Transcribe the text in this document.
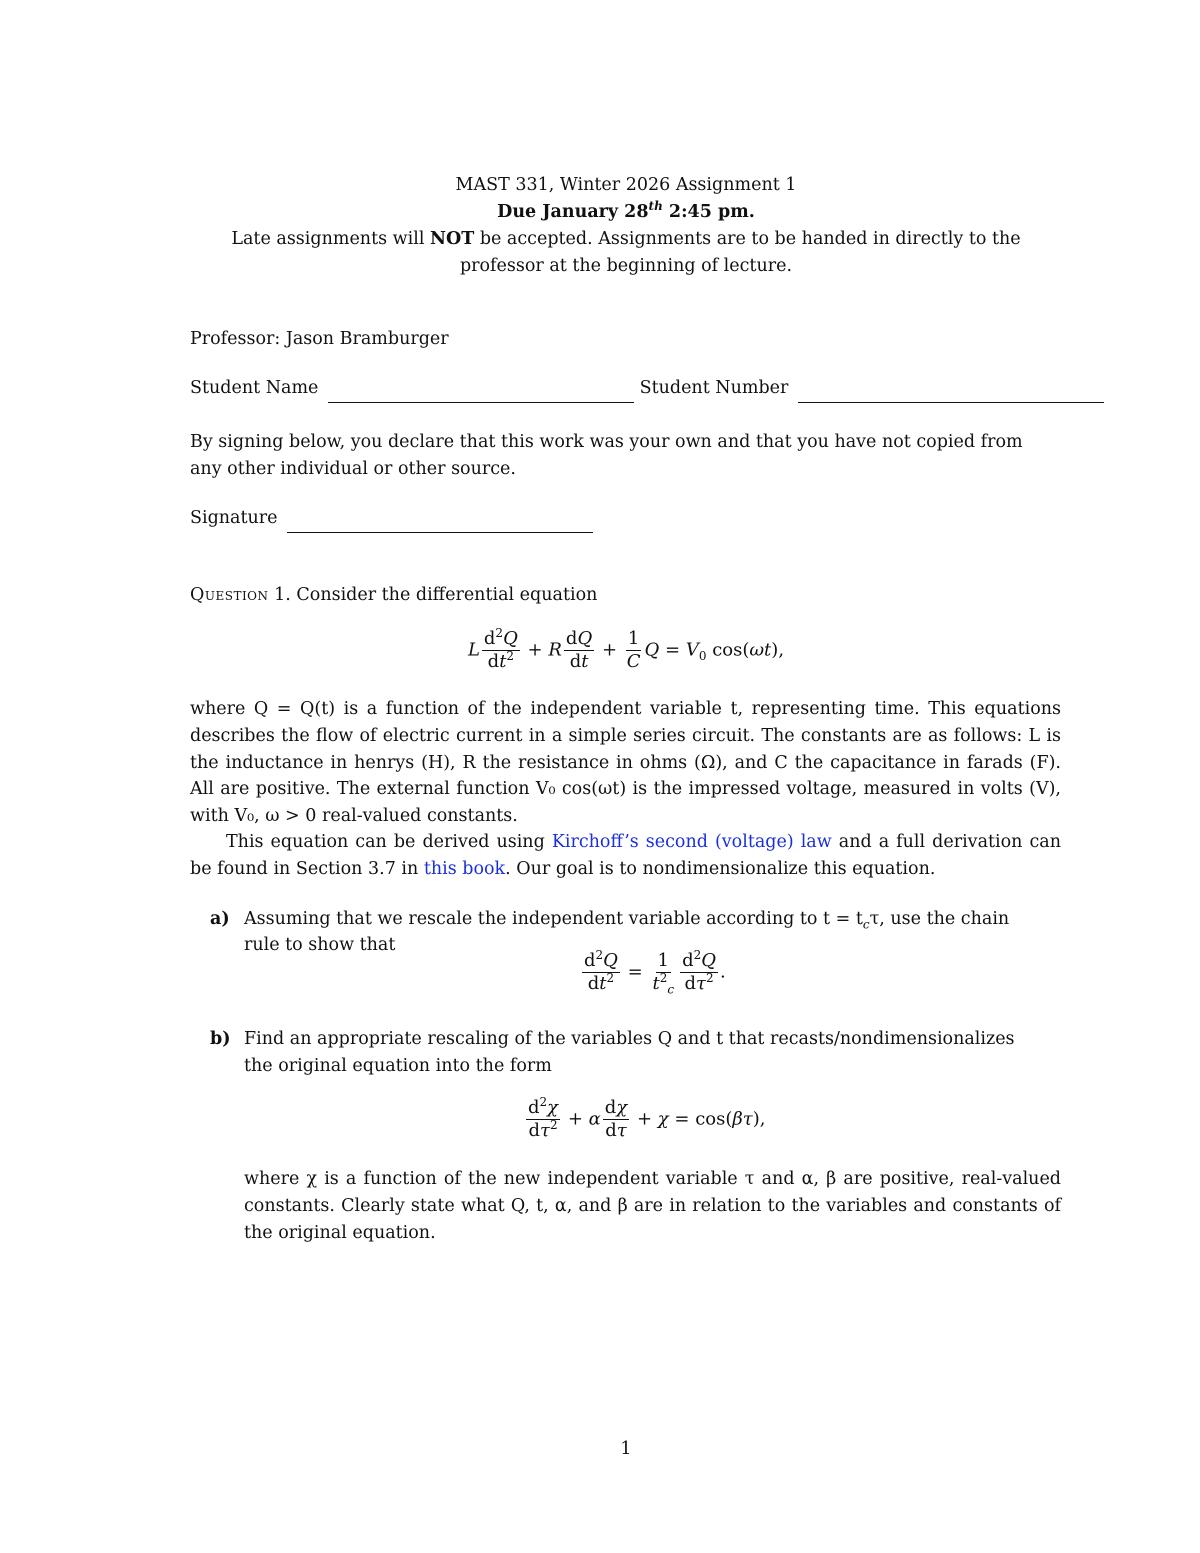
MAST 331, Winter 2026 Assignment 1
Due January 28th 2:45 pm.
Late assignments will NOT be accepted. Assignments are to be handed in directly to the
professor at the beginning of lecture.
Professor: Jason Bramburger
Student Name	Student Number
By signing below, you declare that this work was your own and that you have not copied from
any other individual or other source.
Signature
Question 1. Consider the differential equation
L $\frac{d^2Q}{dt^2} + R \frac{dQ}{dt} + \frac{1}{C}$ $Q = V_0$ cos(ωt),
where Q = Q(t) is a function of the independent variable t, representing time. This equations describes the flow of electric current in a simple series circuit. The constants are as follows: L is the inductance in henrys (H), R the resistance in ohms (Ω), and C the capacitance in farads (F). All are positive. The external function V₀ cos(ωt) is the impressed voltage, measured in volts (V), with V₀, ω > 0 real-valued constants.
This equation can be derived using Kirchoff’s second (voltage) law and a full derivation can be found in Section 3.7 in this book. Our goal is to nondimensionalize this equation.
a) Assuming that we rescale the independent variable according to $t = t_c\tau$, use the chain
rule to show that
$\frac{d^2Q}{dt^2} = \frac{1}{t^2_c} \frac{d^2Q}{d\tau^2}$ .
b) Find an appropriate rescaling of the variables Q and t that recasts/nondimensionalizes
the original equation into the form
$\frac{d^2\chi}{d\tau^2} + \alpha \frac{d\chi}{d\tau} + \chi = \cos(\beta\tau)$,
where χ is a function of the new independent variable τ and α, β are positive, real-valued constants. Clearly state what Q, t, α, and β are in relation to the variables and constants of the original equation.
1
